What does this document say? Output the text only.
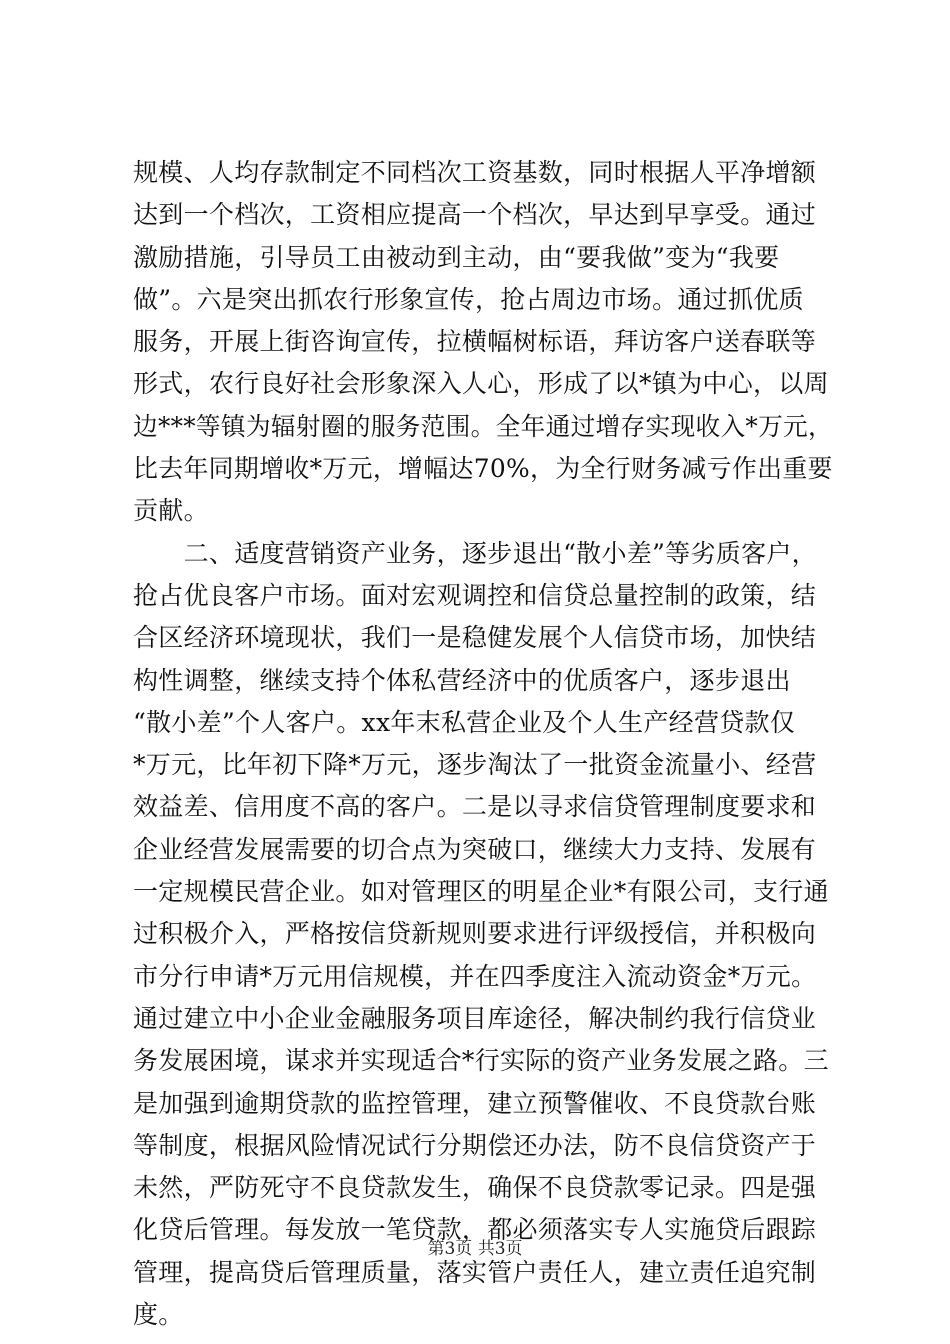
规模、人均存款制定不同档次工资基数，同时根据人平净增额
达到一个档次，工资相应提高一个档次，早达到早享受。通过
激励措施，引导员工由被动到主动，由“要我做”变为“我要
做”。六是突出抓农行形象宣传，抢占周边市场。通过抓优质
服务，开展上街咨询宣传，拉横幅树标语，拜访客户送春联等
形式，农行良好社会形象深入人心，形成了以*镇为中心，以周
边***等镇为辐射圈的服务范围。全年通过增存实现收入*万元，
比去年同期增收*万元，增幅达70%，为全行财务减亏作出重要
贡献。
　　二、适度营销资产业务，逐步退出“散小差”等劣质客户，
抢占优良客户市场。面对宏观调控和信贷总量控制的政策，结
合区经济环境现状，我们一是稳健发展个人信贷市场，加快结
构性调整，继续支持个体私营经济中的优质客户，逐步退出
“散小差”个人客户。xx年末私营企业及个人生产经营贷款仅
*万元，比年初下降*万元，逐步淘汰了一批资金流量小、经营
效益差、信用度不高的客户。二是以寻求信贷管理制度要求和
企业经营发展需要的切合点为突破口，继续大力支持、发展有
一定规模民营企业。如对管理区的明星企业*有限公司，支行通
过积极介入，严格按信贷新规则要求进行评级授信，并积极向
市分行申请*万元用信规模，并在四季度注入流动资金*万元。
通过建立中小企业金融服务项目库途径，解决制约我行信贷业
务发展困境，谋求并实现适合*行实际的资产业务发展之路。三
是加强到逾期贷款的监控管理，建立预警催收、不良贷款台账
等制度，根据风险情况试行分期偿还办法，防不良信贷资产于
未然，严防死守不良贷款发生，确保不良贷款零记录。四是强
化贷后管理。每发放一笔贷款，都必须落实专人实施贷后跟踪
管理，提高贷后管理质量，落实管户责任人，建立责任追究制
度。
第3页 共3页
